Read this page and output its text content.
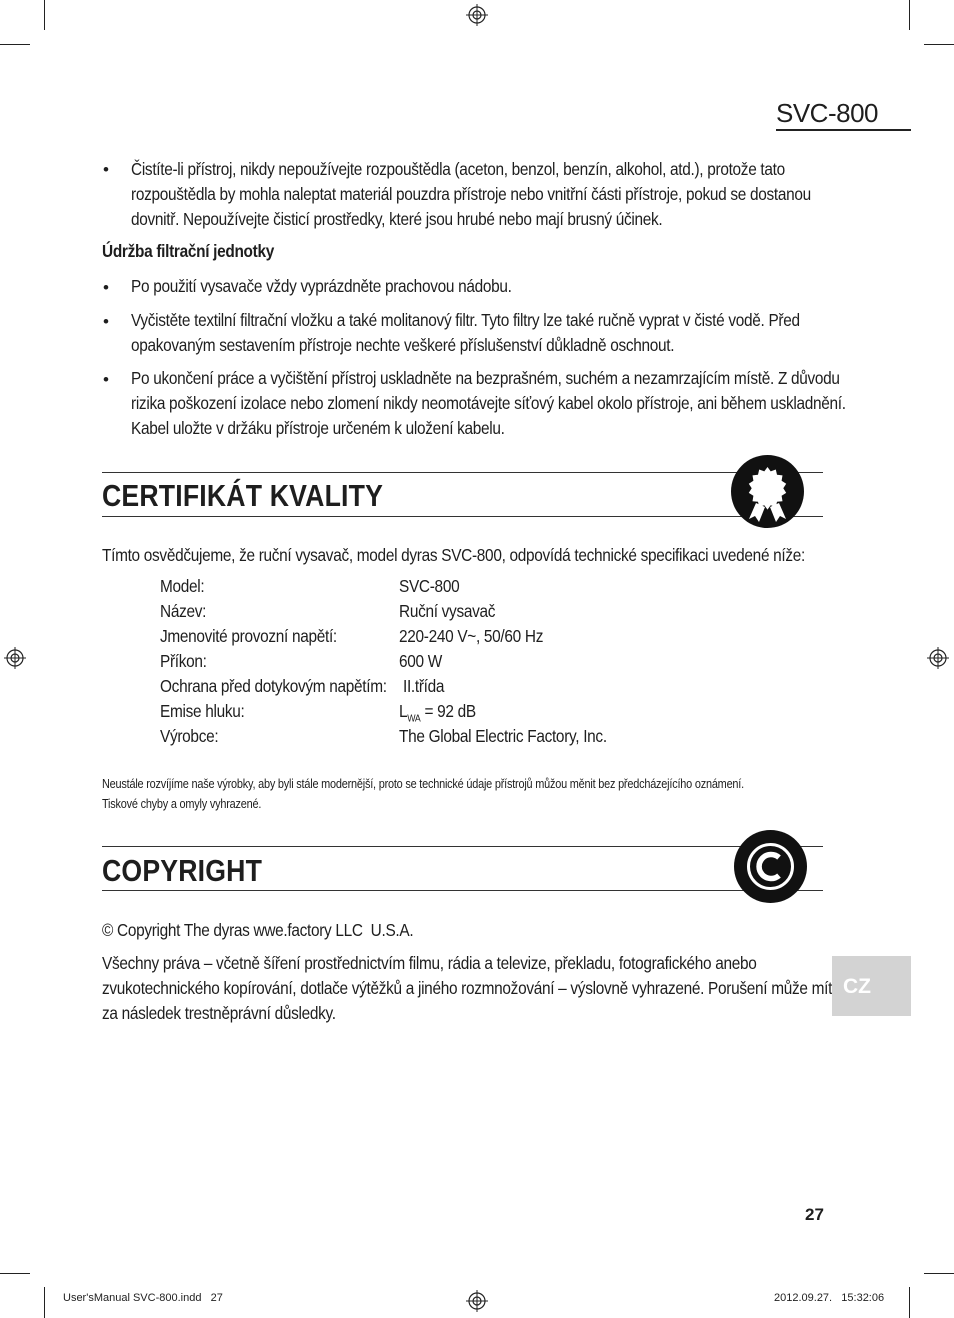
SVC-800
• Čistíte-li přístroj, nikdy nepoužívejte rozpouštědla (aceton, benzol, benzín, alkohol, atd.), protože tato
rozpouštědla by mohla naleptat materiál pouzdra přístroje nebo vnitřní části přístroje, pokud se dostanou
dovnitř. Nepoužívejte čisticí prostředky, které jsou hrubé nebo mají brusný účinek.
Údržba filtrační jednotky
• Po použití vysavače vždy vyprázdněte prachovou nádobu.
• Vyčistěte textilní filtrační vložku a také molitanový filtr. Tyto filtry lze také ručně vyprat v čisté vodě. Před
opakovaným sestavením přístroje nechte veškeré příslušenství důkladně oschnout.
• Po ukončení práce a vyčištění přístroj uskladněte na bezprašném, suchém a nezamrzajícím místě. Z důvodu
rizika poškození izolace nebo zlomení nikdy neomotávejte síťový kabel okolo přístroje, ani během uskladnění.
Kabel uložte v držáku přístroje určeném k uložení kabelu.
CERTIFIKÁT KVALITY
Tímto osvědčujeme, že ruční vysavač, model dyras SVC-800, odpovídá technické specifikaci uvedené níže:
Model:	SVC-800
Název:	Ruční vysavač
Jmenovité provozní napětí:	220-240 V~, 50/60 Hz
Příkon:	600 W
Ochrana před dotykovým napětím: II.třída
Emise hluku:	$L_{WA} = 92$ dB
Výrobce:	The Global Electric Factory, Inc.
Neustále rozvíjíme naše výrobky, aby byli stále modernější, proto se technické údaje přístrojů můžou měnit bez předcházejícího oznámení.
Tiskové chyby a omyly vyhrazené.
COPYRIGHT
© Copyright The dyras wwe.factory LLC  U.S.A.
Všechny práva – včetně šíření prostřednictvím filmu, rádia a televize, překladu, fotografického anebo
zvukotechnického kopírování, dotlače výtěžků a jiného rozmnožování – výslovně vyhrazené. Porušení může mít
za následek trestněprávní důsledky.
CZ
27
User'sManual SVC-800.indd   27	2012.09.27.   15:32:06
